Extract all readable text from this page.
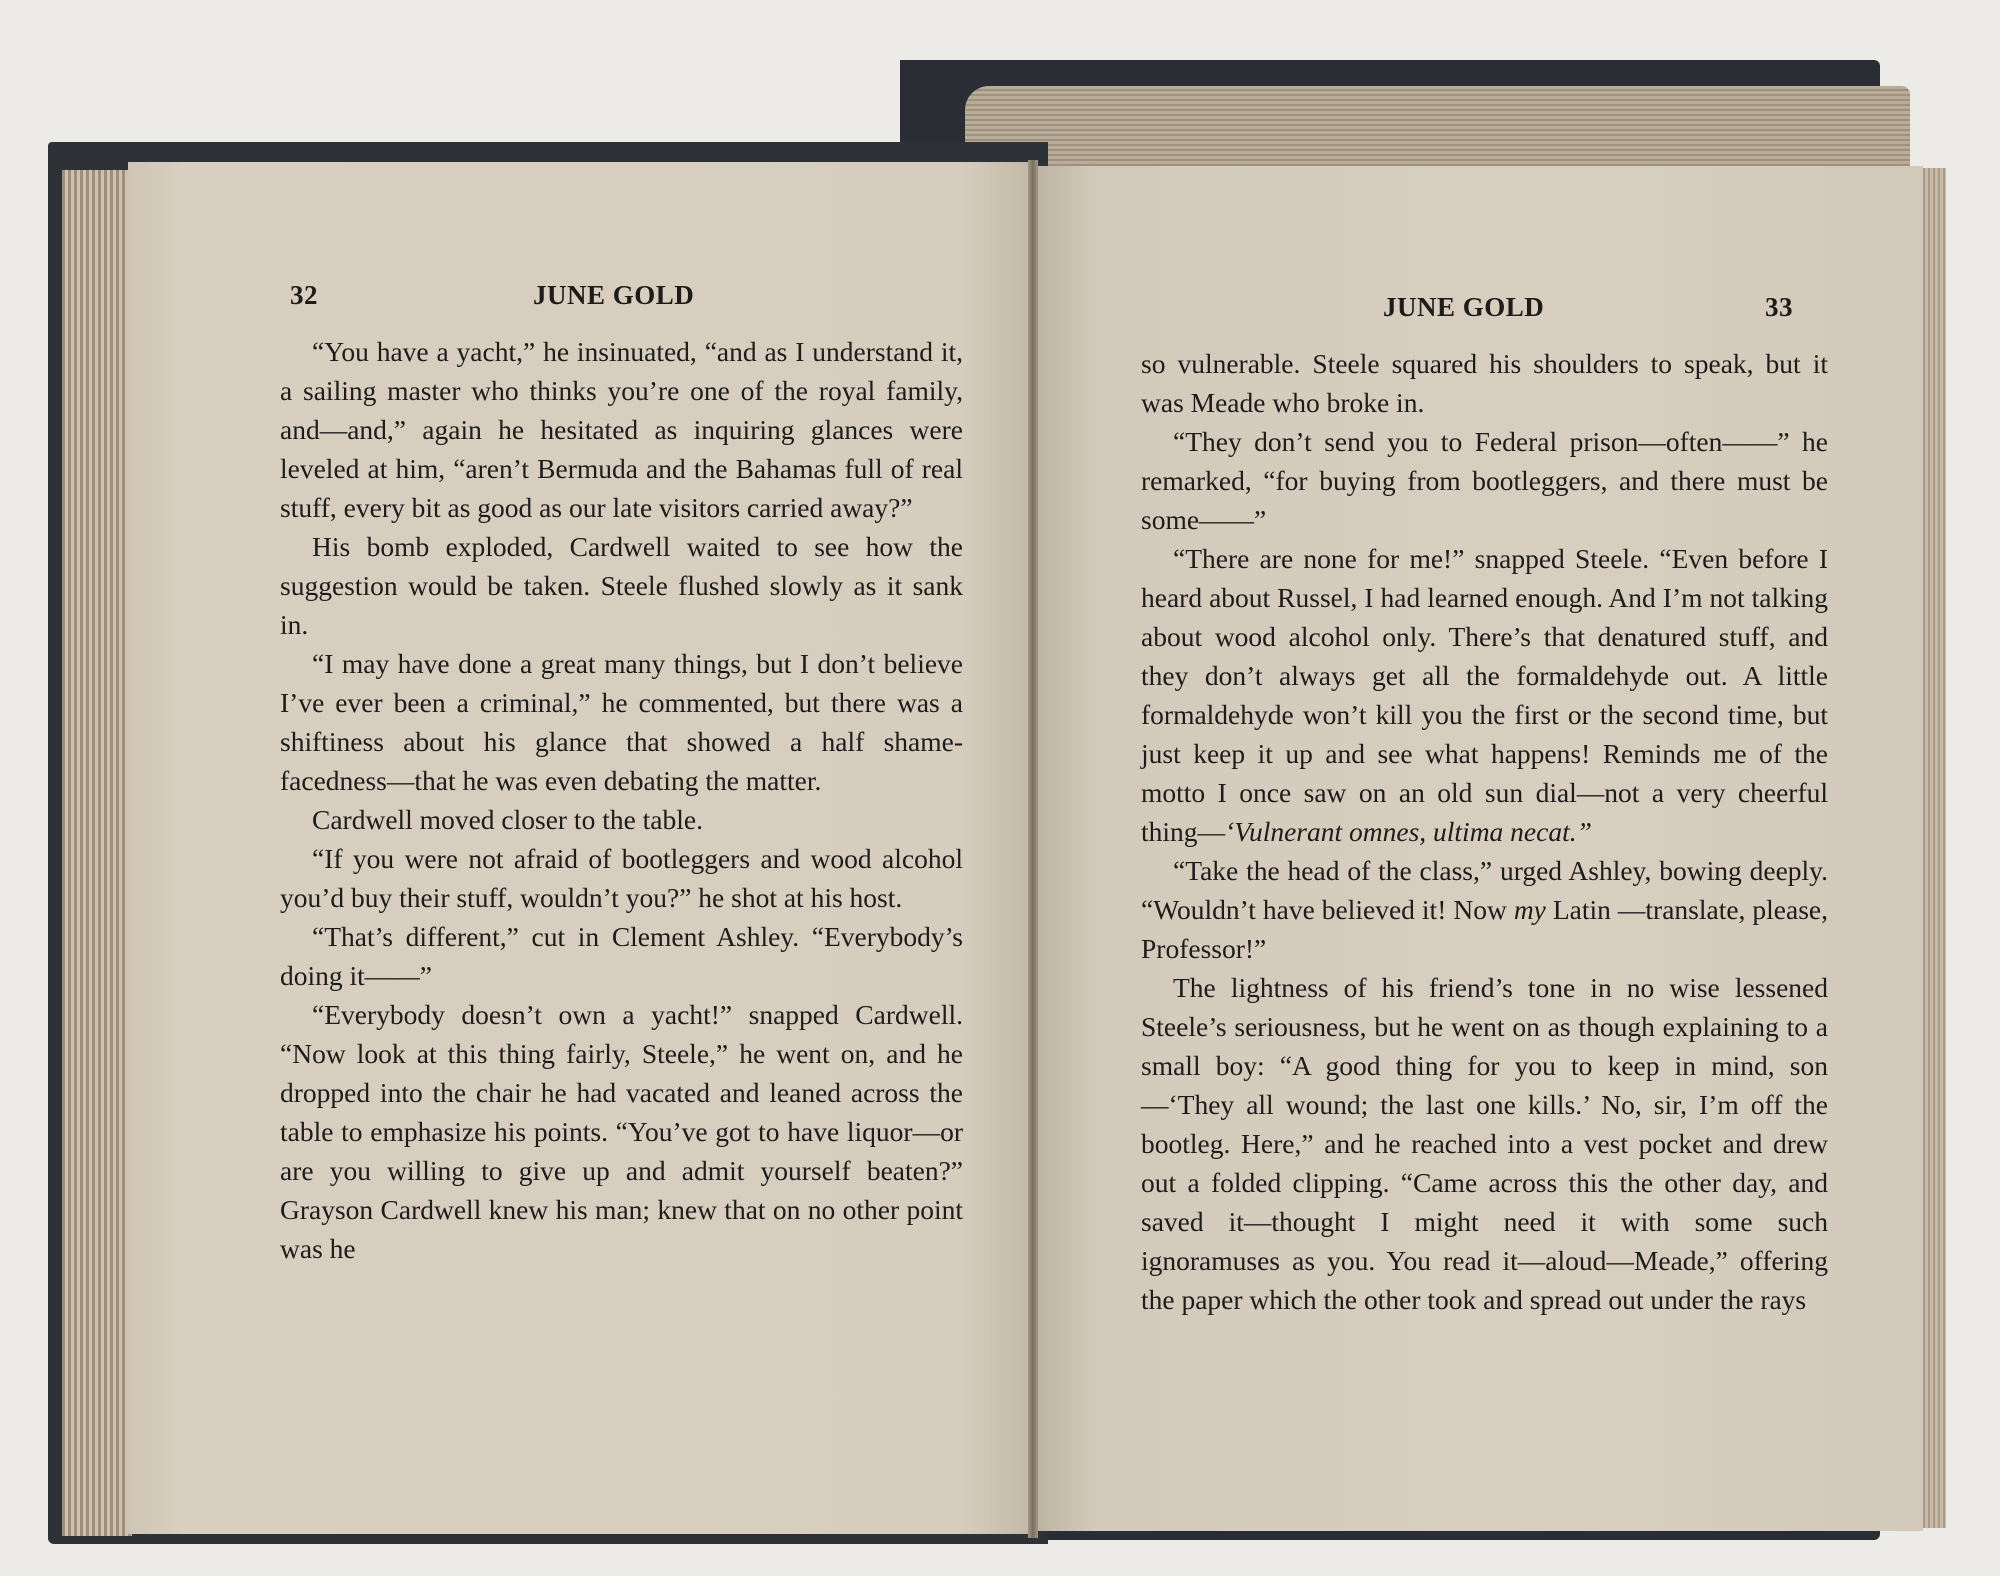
32	JUNE GOLD

“You have a yacht,” he insinuated, “and as I understand it, a sailing master who thinks you’re one of the royal family, and—and,” again he hesitated as inquiring glances were leveled at him, “aren’t Bermuda and the Bahamas full of real stuff, every bit as good as our late visitors carried away?”

His bomb exploded, Cardwell waited to see how the suggestion would be taken. Steele flushed slowly as it sank in.

“I may have done a great many things, but I don’t believe I’ve ever been a criminal,” he commented, but there was a shiftiness about his glance that showed a half shame-facedness—that he was even debating the matter.

Cardwell moved closer to the table.

“If you were not afraid of bootleggers and wood alcohol you’d buy their stuff, wouldn’t you?” he shot at his host.

“That’s different,” cut in Clement Ashley. “Everybody’s doing it——”

“Everybody doesn’t own a yacht!” snapped Cardwell. “Now look at this thing fairly, Steele,” he went on, and he dropped into the chair he had vacated and leaned across the table to emphasize his points. “You’ve got to have liquor—or are you willing to give up and admit yourself beaten?” Grayson Cardwell knew his man; knew that on no other point was he

JUNE GOLD	33

so vulnerable. Steele squared his shoulders to speak, but it was Meade who broke in.

“They don’t send you to Federal prison—often——” he remarked, “for buying from bootleggers, and there must be some——”

“There are none for me!” snapped Steele. “Even before I heard about Russel, I had learned enough. And I’m not talking about wood alcohol only. There’s that denatured stuff, and they don’t always get all the formaldehyde out. A little formaldehyde won’t kill you the first or the second time, but just keep it up and see what happens! Reminds me of the motto I once saw on an old sun dial—not a very cheerful thing—‘Vulnerant omnes, ultima necat.”

“Take the head of the class,” urged Ashley, bowing deeply. “Wouldn’t have believed it! Now my Latin —translate, please, Professor!”

The lightness of his friend’s tone in no wise lessened Steele’s seriousness, but he went on as though explaining to a small boy: “A good thing for you to keep in mind, son—‘They all wound; the last one kills.’ No, sir, I’m off the bootleg. Here,” and he reached into a vest pocket and drew out a folded clipping. “Came across this the other day, and saved it—thought I might need it with some such ignoramuses as you. You read it—aloud—Meade,” offering the paper which the other took and spread out under the rays
